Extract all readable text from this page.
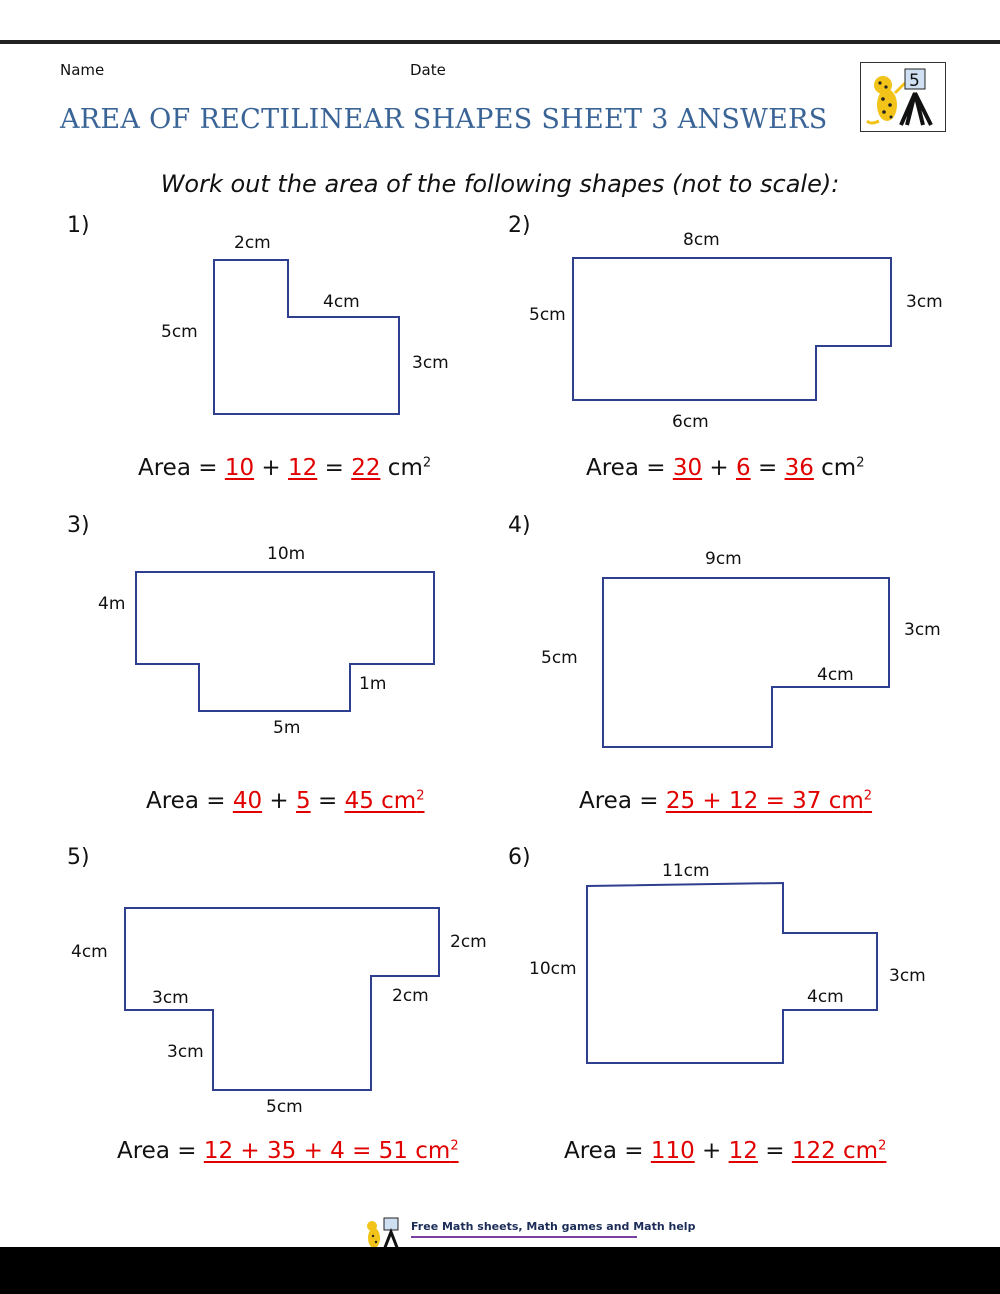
Name	Date
5
AREA OF RECTILINEAR SHAPES SHEET 3 ANSWERS
Work out the area of the following shapes (not to scale):
1)	2)
3)	4)
5)	6)
2cm
4cm
5cm
3cm
8cm
3cm
5cm
6cm
10m
4m
1m
5m
9cm
3cm
5cm
4cm
4cm	2cm
3cm	2cm
3cm
5cm
11cm
10cm	3cm
4cm
Area = 10 + 12 = 22 $cm^2$	Area = 30 + 6 = 36 $cm^2$
Area = 40 + 5 = 45 $cm^2$	Area = 25 + 12 = 37 $cm^2$
Area = 12 + 35 + 4 = 51 $cm^2$	Area = 110 + 12 = 122 $cm^2$
Free Math sheets, Math games and Math help
